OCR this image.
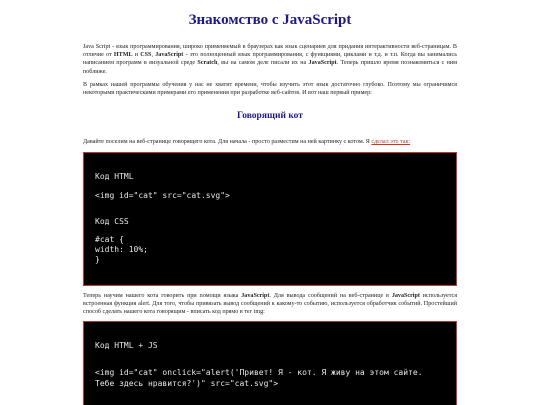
Знакомство с JavaScript

Java Script - язык программирования, широко применяемый в браузерах как язык сценариев для придания интерактивности веб-страницам. В отличие от HTML и CSS, JavaScript - это полноценный язык программирования, с функциями, циклами и т.д. и т.п. Когда вы занимались написанием программ в визуальной среде Scratch, вы на самом деле писали их на JavaScript. Теперь пришло время познакомиться с ним поближе.

В рамках нашей программы обучения у нас не хватит времени, чтобы изучить этот язык достаточно глубоко. Поэтому мы ограничимся некоторыми практическими примерами его применения при разработке веб-сайтов. И вот наш первый пример:

Говорящий кот

Давайте поселим на веб-странице говорящего кота. Для начала - просто разместим на ней картинку с котом. Я сделал это так:

Код HTML
<img id="cat" src="cat.svg">
Код CSS
#cat {
width: 10%;
}

Теперь научим нашего кота говорить при помощи языка JavaScript. Для вывода сообщений на веб-странице в JavaScript используется встроенная функция alert. Для того, чтобы привязать вывод сообщений к какому-то событию, используется обработчик событий. Простейший способ сделать нашего кота говорящим - вписать код прямо в тег img:

Код HTML + JS
<img id="cat" onclick="alert('Привет! Я - кот. Я живу на этом сайте.
Тебе здесь нравится?')" src="cat.svg">
